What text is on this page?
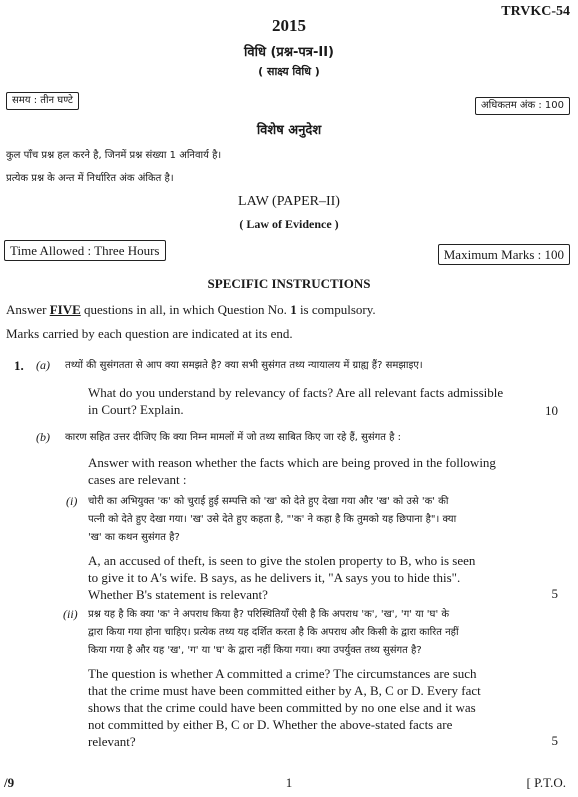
TRVKC-54
2015
विधि (प्रश्न-पत्र-II)
( साक्ष्य विधि )
समय : तीन घण्टे	अधिकतम अंक : 100
विशेष अनुदेश
कुल पाँच प्रश्न हल करने है, जिनमें प्रश्न संख्या 1 अनिवार्य है।
प्रत्येक प्रश्न के अन्त में निर्धारित अंक अंकित है।
LAW (PAPER–II)
( Law of Evidence )
Time Allowed : Three Hours	Maximum Marks : 100
SPECIFIC INSTRUCTIONS
Answer FIVE questions in all, in which Question No. 1 is compulsory.
Marks carried by each question are indicated at its end.
1. (a) तथ्यों की सुसंगतता से आप क्या समझते है? क्या सभी सुसंगत तथ्य न्यायालय में ग्राह्य हैं? समझाइए।
What do you understand by relevancy of facts? Are all relevant facts admissible
in Court? Explain.	10
(b) कारण सहित उत्तर दीजिए कि क्या निम्न मामलों में जो तथ्य साबित किए जा रहे हैं, सुसंगत है :
Answer with reason whether the facts which are being proved in the following
cases are relevant :
(i) चोरी का अभियुक्त 'क' को चुराई हुई सम्पत्ति को 'ख' को देते हुए देखा गया और 'ख' को उसे 'क' की
पत्नी को देते हुए देखा गया। 'ख' उसे देते हुए कहता है, "'क' ने कहा है कि तुमको यह छिपाना है"। क्या
'ख' का कथन सुसंगत है?
A, an accused of theft, is seen to give the stolen property to B, who is seen
to give it to A's wife. B says, as he delivers it, "A says you to hide this".
Whether B's statement is relevant?	5
(ii) प्रश्न यह है कि क्या 'क' ने अपराध किया है? परिस्थितियाँ ऐसी है कि अपराध 'क', 'ख', 'ग' या 'घ' के
द्वारा किया गया होना चाहिए। प्रत्येक तथ्य यह दर्शित करता है कि अपराध और किसी के द्वारा कारित नहीं
किया गया है और यह 'ख', 'ग' या 'घ' के द्वारा नहीं किया गया। क्या उपर्युक्त तथ्य सुसंगत है?
The question is whether A committed a crime? The circumstances are such
that the crime must have been committed either by A, B, C or D. Every fact
shows that the crime could have been committed by no one else and it was
not committed by either B, C or D. Whether the above-stated facts are
relevant?	5
/9	1	[ P.T.O.
